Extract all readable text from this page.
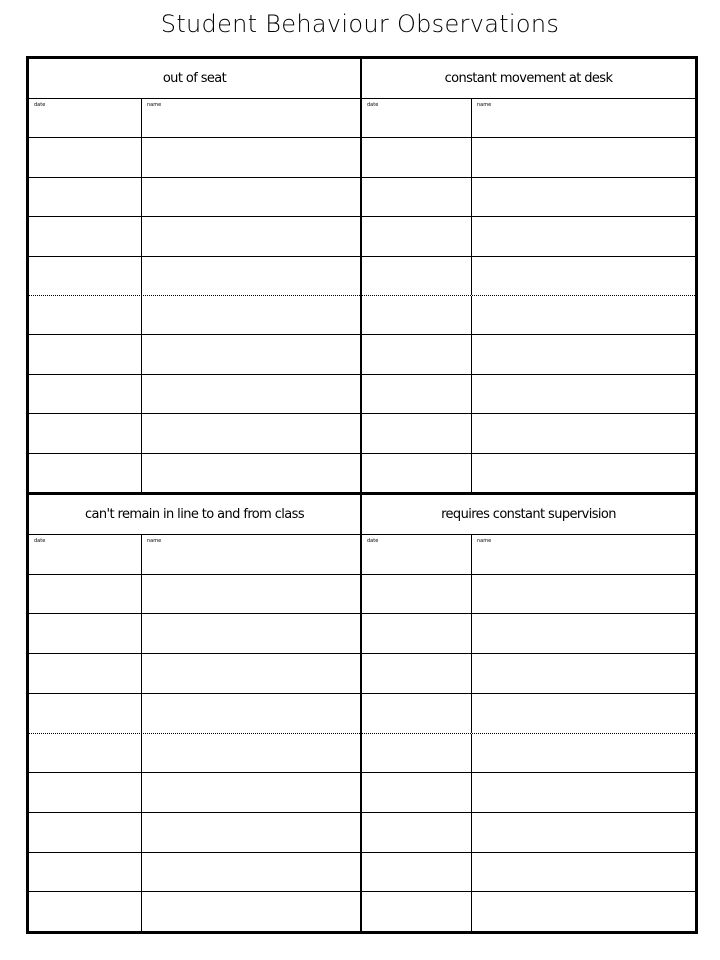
Student Behaviour Observations
out of seat
date	name
constant movement at desk
date	name
can't remain in line to and from class
date	name
requires constant supervision
date	name
